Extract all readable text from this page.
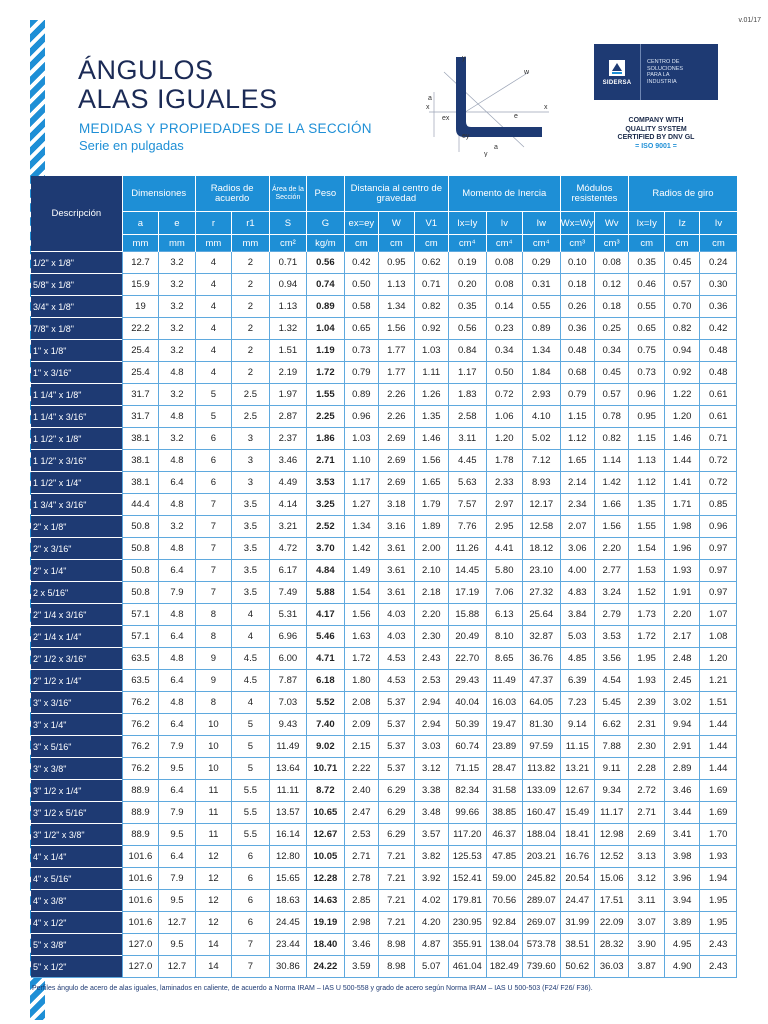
v.01/17
ÁNGULOS
ALAS IGUALES
MEDIDAS Y PROPIEDADES DE LA SECCIÓN
Serie en pulgadas
y
w
x	x
a
ex	e
ey
a
y
SIDERSA
CENTRO DE
SOLUCIONES
PARA LA
INDUSTRIA
COMPANY WITH
QUALITY SYSTEM
CERTIFIED BY DNV GL
= ISO 9001 =
Descripción	Dimensiones		Radios de acuerdo		Área de la Sección	Peso	Distancia al centro de gravedad			Momento de Inercia			Módulos resistentes		Radios de giro		
	a	e	r	r1	S	G	ex=ey	W	V1	Ix=Iy	Iv	Iw	Wx=Wy	Wv	Ix=Iy	Iz	Iv
	mm	mm	mm	mm	cm²	kg/m	cm	cm	cm	cm⁴	cm⁴	cm⁴	cm³	cm³	cm	cm	cm
1/2" x 1/8"	12.7	3.2	4	2	0.71	0.56	0.42	0.95	0.62	0.19	0.08	0.29	0.10	0.08	0.35	0.45	0.24
5/8" x 1/8"	15.9	3.2	4	2	0.94	0.74	0.50	1.13	0.71	0.20	0.08	0.31	0.18	0.12	0.46	0.57	0.30
3/4" x 1/8"	19	3.2	4	2	1.13	0.89	0.58	1.34	0.82	0.35	0.14	0.55	0.26	0.18	0.55	0.70	0.36
7/8" x 1/8"	22.2	3.2	4	2	1.32	1.04	0.65	1.56	0.92	0.56	0.23	0.89	0.36	0.25	0.65	0.82	0.42
1" x 1/8"	25.4	3.2	4	2	1.51	1.19	0.73	1.77	1.03	0.84	0.34	1.34	0.48	0.34	0.75	0.94	0.48
1" x 3/16"	25.4	4.8	4	2	2.19	1.72	0.79	1.77	1.11	1.17	0.50	1.84	0.68	0.45	0.73	0.92	0.48
1 1/4" x 1/8"	31.7	3.2	5	2.5	1.97	1.55	0.89	2.26	1.26	1.83	0.72	2.93	0.79	0.57	0.96	1.22	0.61
1 1/4" x 3/16"	31.7	4.8	5	2.5	2.87	2.25	0.96	2.26	1.35	2.58	1.06	4.10	1.15	0.78	0.95	1.20	0.61
1 1/2" x 1/8"	38.1	3.2	6	3	2.37	1.86	1.03	2.69	1.46	3.11	1.20	5.02	1.12	0.82	1.15	1.46	0.71
1 1/2" x 3/16"	38.1	4.8	6	3	3.46	2.71	1.10	2.69	1.56	4.45	1.78	7.12	1.65	1.14	1.13	1.44	0.72
1 1/2" x 1/4"	38.1	6.4	6	3	4.49	3.53	1.17	2.69	1.65	5.63	2.33	8.93	2.14	1.42	1.12	1.41	0.72
1 3/4" x 3/16"	44.4	4.8	7	3.5	4.14	3.25	1.27	3.18	1.79	7.57	2.97	12.17	2.34	1.66	1.35	1.71	0.85
2" x 1/8"	50.8	3.2	7	3.5	3.21	2.52	1.34	3.16	1.89	7.76	2.95	12.58	2.07	1.56	1.55	1.98	0.96
2" x 3/16"	50.8	4.8	7	3.5	4.72	3.70	1.42	3.61	2.00	11.26	4.41	18.12	3.06	2.20	1.54	1.96	0.97
2" x 1/4"	50.8	6.4	7	3.5	6.17	4.84	1.49	3.61	2.10	14.45	5.80	23.10	4.00	2.77	1.53	1.93	0.97
2 x 5/16"	50.8	7.9	7	3.5	7.49	5.88	1.54	3.61	2.18	17.19	7.06	27.32	4.83	3.24	1.52	1.91	0.97
2" 1/4 x 3/16"	57.1	4.8	8	4	5.31	4.17	1.56	4.03	2.20	15.88	6.13	25.64	3.84	2.79	1.73	2.20	1.07
2" 1/4 x 1/4"	57.1	6.4	8	4	6.96	5.46	1.63	4.03	2.30	20.49	8.10	32.87	5.03	3.53	1.72	2.17	1.08
2" 1/2 x 3/16"	63.5	4.8	9	4.5	6.00	4.71	1.72	4.53	2.43	22.70	8.65	36.76	4.85	3.56	1.95	2.48	1.20
2" 1/2 x 1/4"	63.5	6.4	9	4.5	7.87	6.18	1.80	4.53	2.53	29.43	11.49	47.37	6.39	4.54	1.93	2.45	1.21
3" x 3/16"	76.2	4.8	8	4	7.03	5.52	2.08	5.37	2.94	40.04	16.03	64.05	7.23	5.45	2.39	3.02	1.51
3" x 1/4"	76.2	6.4	10	5	9.43	7.40	2.09	5.37	2.94	50.39	19.47	81.30	9.14	6.62	2.31	9.94	1.44
3" x 5/16"	76.2	7.9	10	5	11.49	9.02	2.15	5.37	3.03	60.74	23.89	97.59	11.15	7.88	2.30	2.91	1.44
3" x 3/8"	76.2	9.5	10	5	13.64	10.71	2.22	5.37	3.12	71.15	28.47	113.82	13.21	9.11	2.28	2.89	1.44
3" 1/2 x 1/4"	88.9	6.4	11	5.5	11.11	8.72	2.40	6.29	3.38	82.34	31.58	133.09	12.67	9.34	2.72	3.46	1.69
3" 1/2 x 5/16"	88.9	7.9	11	5.5	13.57	10.65	2.47	6.29	3.48	99.66	38.85	160.47	15.49	11.17	2.71	3.44	1.69
3" 1/2" x 3/8"	88.9	9.5	11	5.5	16.14	12.67	2.53	6.29	3.57	117.20	46.37	188.04	18.41	12.98	2.69	3.41	1.70
4" x 1/4"	101.6	6.4	12	6	12.80	10.05	2.71	7.21	3.82	125.53	47.85	203.21	16.76	12.52	3.13	3.98	1.93
4" x 5/16"	101.6	7.9	12	6	15.65	12.28	2.78	7.21	3.92	152.41	59.00	245.82	20.54	15.06	3.12	3.96	1.94
4" x 3/8"	101.6	9.5	12	6	18.63	14.63	2.85	7.21	4.02	179.81	70.56	289.07	24.47	17.51	3.11	3.94	1.95
4" x 1/2"	101.6	12.7	12	6	24.45	19.19	2.98	7.21	4.20	230.95	92.84	269.07	31.99	22.09	3.07	3.89	1.95
5" x 3/8"	127.0	9.5	14	7	23.44	18.40	3.46	8.98	4.87	355.91	138.04	573.78	38.51	28.32	3.90	4.95	2.43
5" x 1/2"	127.0	12.7	14	7	30.86	24.22	3.59	8.98	5.07	461.04	182.49	739.60	50.62	36.03	3.87	4.90	2.43
Perfiles ángulo de acero de alas iguales, laminados en caliente, de acuerdo a Norma IRAM – IAS U 500-558 y grado de acero según Norma IRAM – IAS U 500-503 (F24/ F26/ F36).
